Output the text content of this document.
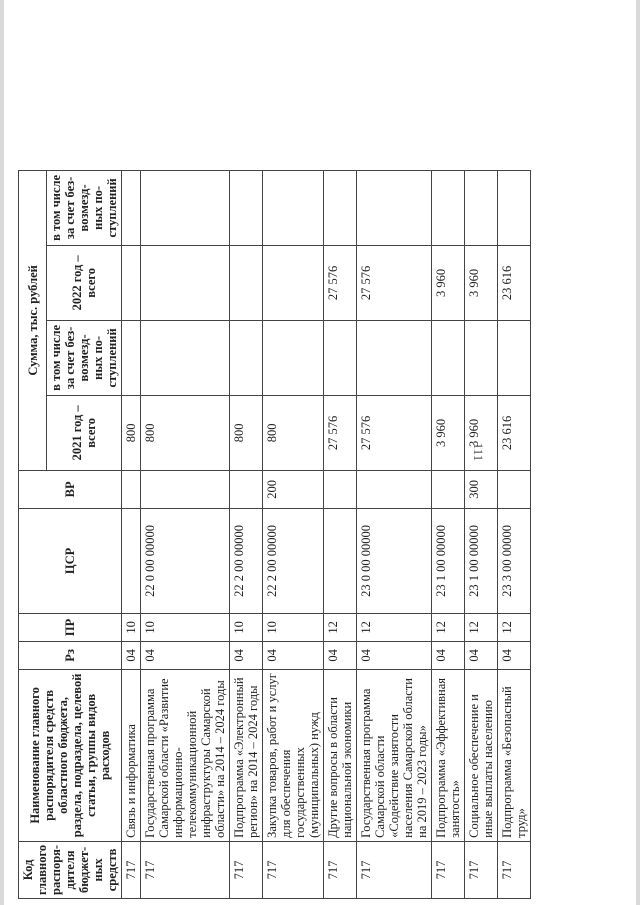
111
Код главного распоря-дителя бюджет-ных средств	Наименование главного распорядителя средств областного бюджета, раздела, подраздела, целевой статьи, группы видов расходов	Рз	ПР	ЦСР	ВР	Сумма, тыс. рублей			
						2021 год – всего	в том числе за счет без-возмезд-ных по-ступлений	2022 год – всего	в том числе за счет без-возмезд-ных по-ступлений

717	Связь и информатика	04	10			800			
717	Государственная программа Самарской области «Развитие информационно-телекоммуникационной инфраструктуры Самарской области» на 2014 – 2024 годы	04	10	22 0 00 00000		800			
717	Подпрограмма «Электронный регион» на 2014 – 2024 годы	04	10	22 2 00 00000		800			
717	Закупка товаров, работ и услуг для обеспечения государственных (муниципальных) нужд	04	10	22 2 00 00000	200	800			
717	Другие вопросы в области национальной экономики	04	12			27 576		27 576	
717	Государственная программа Самарской области «Содействие занятости населения Самарской области на 2019 – 2023 годы»	04	12	23 0 00 00000		27 576		27 576	
717	Подпрограмма «Эффективная занятость»	04	12	23 1 00 00000		3 960		3 960	
717	Социальное обеспечение и иные выплаты населению	04	12	23 1 00 00000	300	3 960		3 960	
717	Подпрограмма «Безопасный труд»	04	12	23 3 00 00000		23 616		23 616	
